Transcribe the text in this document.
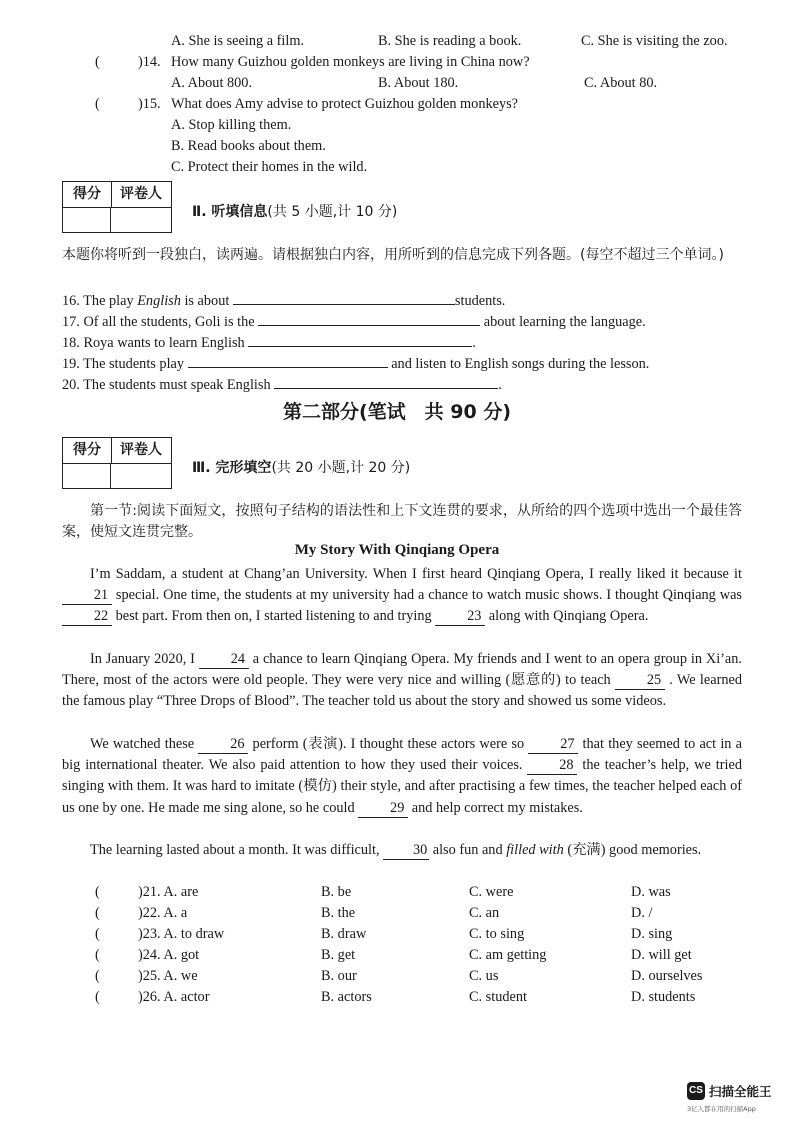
A. She is seeing a film.	B. She is reading a book.	C. She is visiting the zoo.
(	)14. How many Guizhou golden monkeys are living in China now?
A. About 800.	B. About 180.	C. About 80.
(	)15. What does Amy advise to protect Guizhou golden monkeys?
A. Stop killing them.
B. Read books about them.
C. Protect their homes in the wild.
得分	评卷人
Ⅱ. 听填信息(共 5 小题,计 10 分)
本题你将听到一段独白，读两遍。请根据独白内容，用所听到的信息完成下列各题。(每空不超过三个单词。)
16. The play English is about	students.
17. Of all the students, Goli is the	about learning the language.
18. Roya wants to learn English	.
19. The students play	and listen to English songs during the lesson.
20. The students must speak English	.
第二部分(笔试　共 90 分)
得分	评卷人
Ⅲ. 完形填空(共 20 小题,计 20 分)
第一节:阅读下面短文，按照句子结构的语法性和上下文连贯的要求，从所给的四个选项中选出一个最佳答案，使短文连贯完整。
My Story With Qinqiang Opera
I’m Saddam, a student at Chang’an University. When I first heard Qinqiang Opera, I really liked it because it 21 special. One time, the students at my university had a chance to watch music shows. I thought Qinqiang was 22 best part. From then on, I started listening to and trying 23 along with Qinqiang Opera.
In January 2020, I 24 a chance to learn Qinqiang Opera. My friends and I went to an opera group in Xi’an. There, most of the actors were old people. They were very nice and willing (愿意的) to teach 25 . We learned the famous play “Three Drops of Blood”. The teacher told us about the story and showed us some videos.
We watched these 26 perform (表演). I thought these actors were so 27 that they seemed to act in a big international theater. We also paid attention to how they used their voices. 28 the teacher’s help, we tried singing with them. It was hard to imitate (模仿) their style, and after practising a few times, the teacher helped each of us one by one. He made me sing alone, so he could 29 and help correct my mistakes.
The learning lasted about a month. It was difficult, 30 also fun and filled with (充满) good memories.
(	)21. A. are	B. be	C. were	D. was
(	)22. A. a	B. the	C. an	D. /
(	)23. A. to draw	B. draw	C. to sing	D. sing
(	)24. A. got	B. get	C. am getting	D. will get
(	)25. A. we	B. our	C. us	D. ourselves
(	)26. A. actor	B. actors	C. student	D. students
CS 扫描全能王
3亿人都在用的扫描App
